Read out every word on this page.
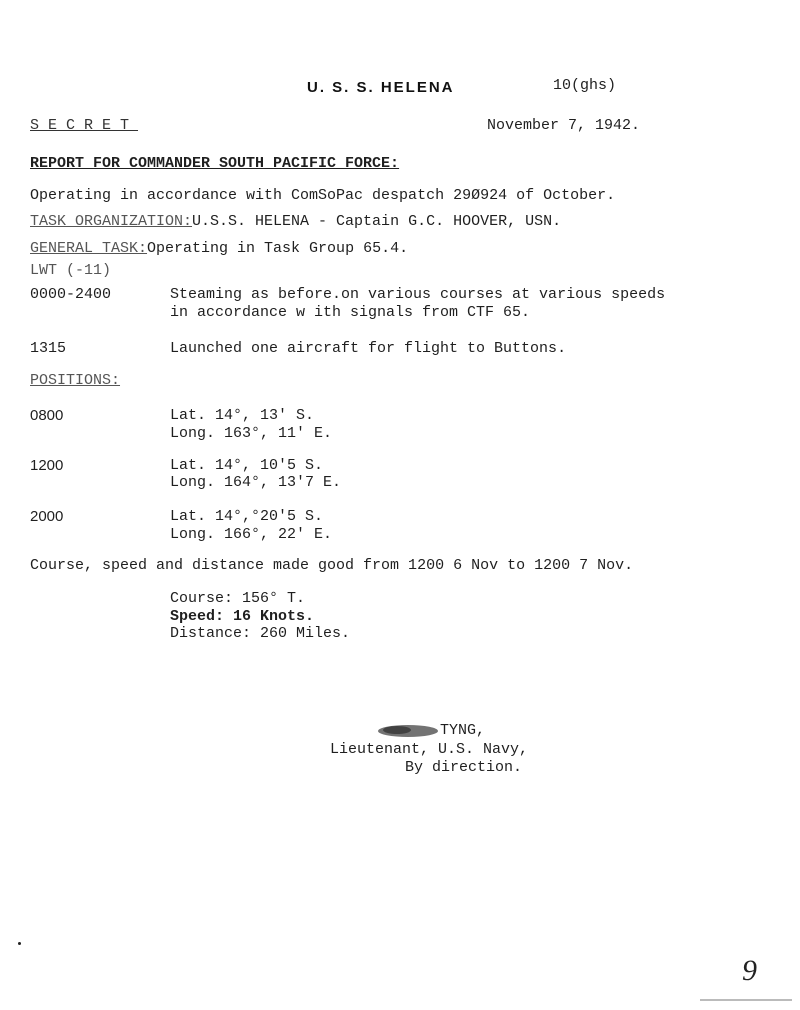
U. S. S. HELENA	10(ghs)
SECRET	November 7, 1942.
REPORT FOR COMMANDER SOUTH PACIFIC FORCE:
Operating in accordance with ComSoPac despatch 29Ø924 of October.
TASK ORGANIZATION:U.S.S. HELENA - Captain G.C. HOOVER, USN.
GENERAL TASK:Operating in Task Group 65.4.
LWT (-11)
0000-2400	Steaming as before.on various courses at various speeds
in accordance w ith signals from CTF 65.
1315	Launched one aircraft for flight to Buttons.
POSITIONS:
0800	Lat. 14°, 13' S.
Long. 163°, 11' E.
1200	Lat. 14°, 10'5 S.
Long. 164°, 13'7 E.
2000	Lat. 14°,°20'5 S.
Long. 166°, 22' E.
Course, speed and distance made good from 1200 6 Nov to 1200 7 Nov.
Course: 156° T.
Speed: 16 Knots.
Distance: 260 Miles.
TYNG,
Lieutenant, U.S. Navy,
By direction.
9
